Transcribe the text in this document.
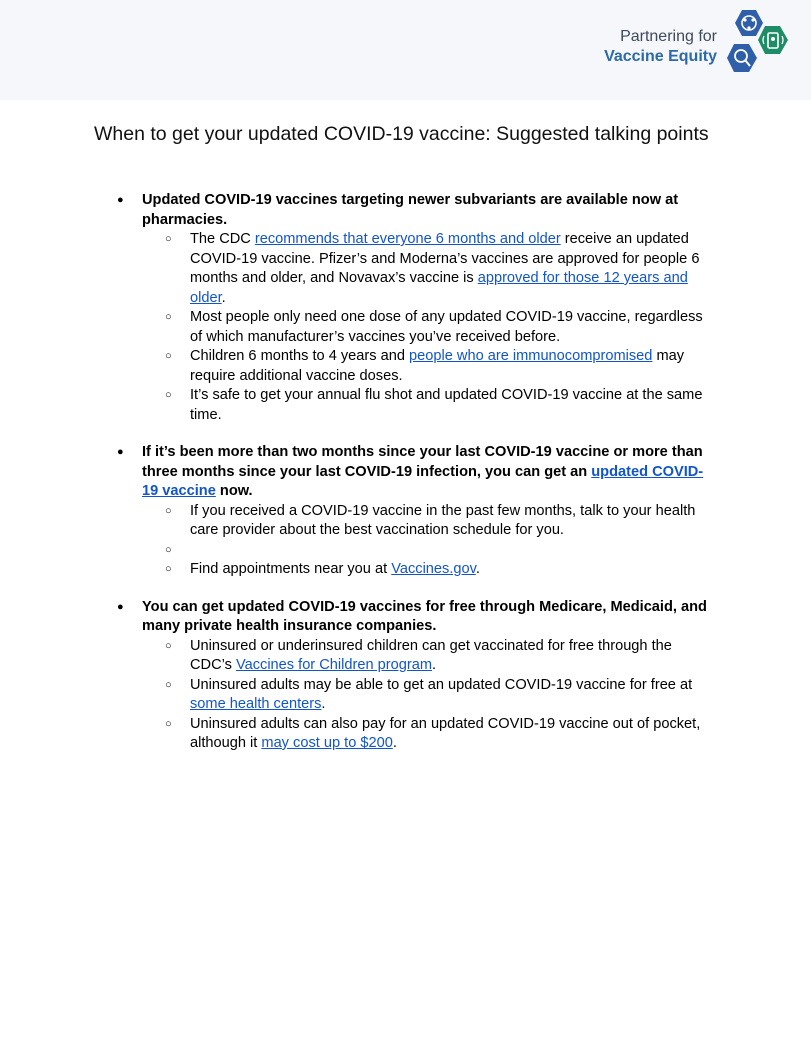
Partnering for
Vaccine Equity
When to get your updated COVID-19 vaccine: Suggested talking points
● Updated COVID-19 vaccines targeting newer subvariants are available now at pharmacies.
○ The CDC recommends that everyone 6 months and older receive an updated COVID-19 vaccine. Pfizer’s and Moderna’s vaccines are approved for people 6 months and older, and Novavax’s vaccine is approved for those 12 years and older.
○ Most people only need one dose of any updated COVID-19 vaccine, regardless of which manufacturer’s vaccines you’ve received before.
○ Children 6 months to 4 years and people who are immunocompromised may require additional vaccine doses.
○ It’s safe to get your annual flu shot and updated COVID-19 vaccine at the same time.
● If it’s been more than two months since your last COVID-19 vaccine or more than three months since your last COVID-19 infection, you can get an updated COVID-19 vaccine now.
○ If you received a COVID-19 vaccine in the past few months, talk to your health care provider about the best vaccination schedule for you.
○
○ Find appointments near you at Vaccines.gov.
● You can get updated COVID-19 vaccines for free through Medicare, Medicaid, and many private health insurance companies.
○ Uninsured or underinsured children can get vaccinated for free through the CDC’s Vaccines for Children program.
○ Uninsured adults may be able to get an updated COVID-19 vaccine for free at some health centers.
○ Uninsured adults can also pay for an updated COVID-19 vaccine out of pocket, although it may cost up to $200.
